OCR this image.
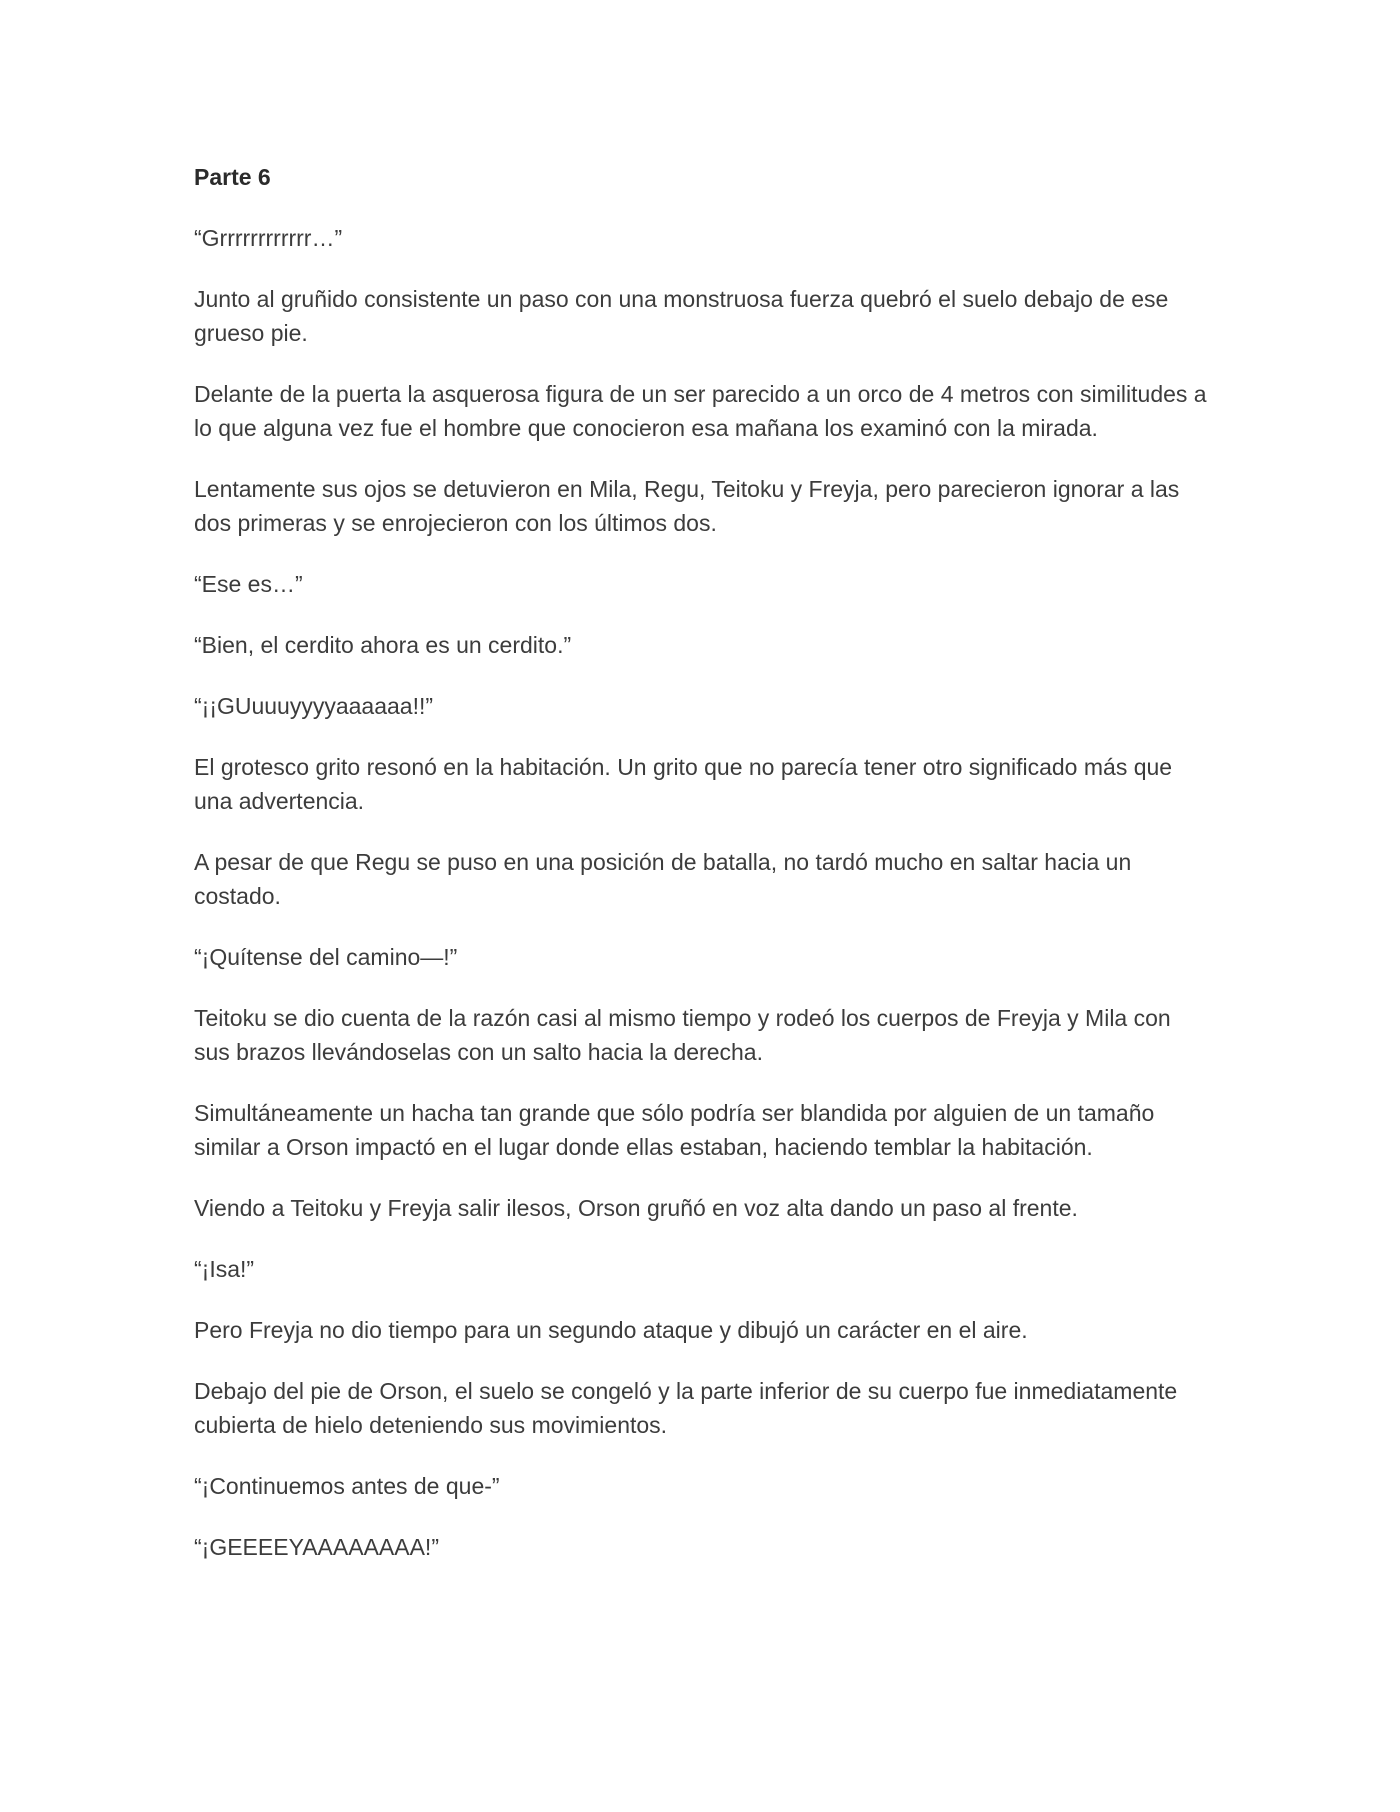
Parte 6

“Grrrrrrrrrrrr…”

Junto al gruñido consistente un paso con una monstruosa fuerza quebró el suelo debajo de ese grueso pie.

Delante de la puerta la asquerosa figura de un ser parecido a un orco de 4 metros con similitudes a lo que alguna vez fue el hombre que conocieron esa mañana los examinó con la mirada.

Lentamente sus ojos se detuvieron en Mila, Regu, Teitoku y Freyja, pero parecieron ignorar a las dos primeras y se enrojecieron con los últimos dos.

“Ese es…”

“Bien, el cerdito ahora es un cerdito.”

“¡¡GUuuuyyyyaaaaaa!!”

El grotesco grito resonó en la habitación. Un grito que no parecía tener otro significado más que una advertencia.

A pesar de que Regu se puso en una posición de batalla, no tardó mucho en saltar hacia un costado.

“¡Quítense del camino—!”

Teitoku se dio cuenta de la razón casi al mismo tiempo y rodeó los cuerpos de Freyja y Mila con sus brazos llevándoselas con un salto hacia la derecha.

Simultáneamente un hacha tan grande que sólo podría ser blandida por alguien de un tamaño similar a Orson impactó en el lugar donde ellas estaban, haciendo temblar la habitación.

Viendo a Teitoku y Freyja salir ilesos, Orson gruñó en voz alta dando un paso al frente.

“¡Isa!”

Pero Freyja no dio tiempo para un segundo ataque y dibujó un carácter en el aire.

Debajo del pie de Orson, el suelo se congeló y la parte inferior de su cuerpo fue inmediatamente cubierta de hielo deteniendo sus movimientos.

“¡Continuemos antes de que-”

“¡GEEEEYAAAAAAAA!”
